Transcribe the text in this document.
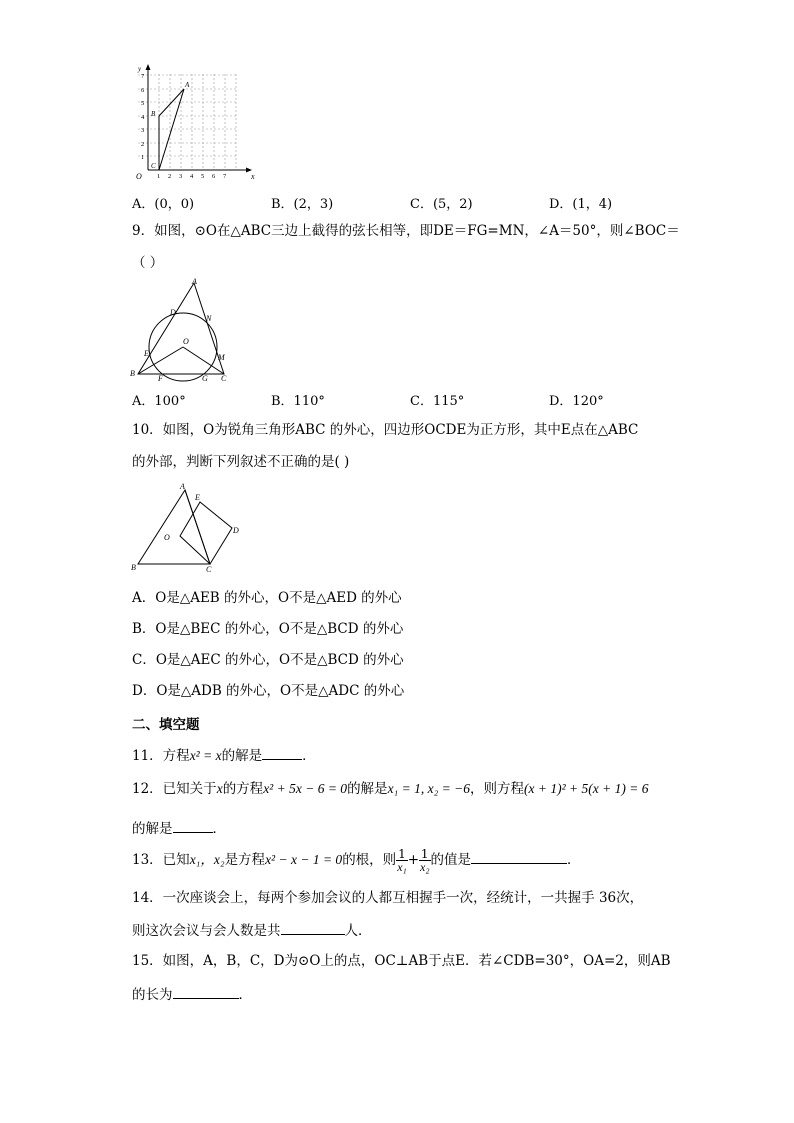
y
x
O
7
6
5
4
3
2
1
1 2 3 4 5 6 7
A
B
C
A．(0，0)	B．(2，3)	C．(5，2)	D．(1，4)
9．如图，⊙O在△ABC三边上截得的弦长相等，即DE＝FG=MN，∠A＝50°，则∠BOC＝
（ ）
A
D
N
O
E	M
B
F	G C
A．100°	B．110°	C．115°	D．120°
10．如图，O为锐角三角形ABC 的外心，四边形OCDE为正方形，其中E点在△ABC
的外部，判断下列叙述不正确的是( )
A
E
O
D
B	C
A．O是△AEB 的外心，O不是△AED 的外心
B．O是△BEC 的外心，O不是△BCD 的外心
C．O是△AEC 的外心，O不是△BCD 的外心
D．O是△ADB 的外心，O不是△ADC 的外心
二、填空题
11．方程x² = x的解是	．
12．已知关于x的方程x² + 5x − 6 = 0的解是x₁ = 1, x₂ = −6，则方程(x + 1)² + 5(x + 1) = 6
的解是	．
13．已知x₁，x₂是方程x² − x − 1 = 0的根，则 $\frac{1}{\text{x₁}} + \frac{1}{\text{x₂}}$ 的值是	．
14．一次座谈会上，每两个参加会议的人都互相握手一次，经统计，一共握手 36次，
则这次会议与会人数是共	人．
15．如图，A，B，C，D为⊙O上的点，OC⊥AB于点E．若∠CDB=30°，OA=2，则AB
的长为	．
